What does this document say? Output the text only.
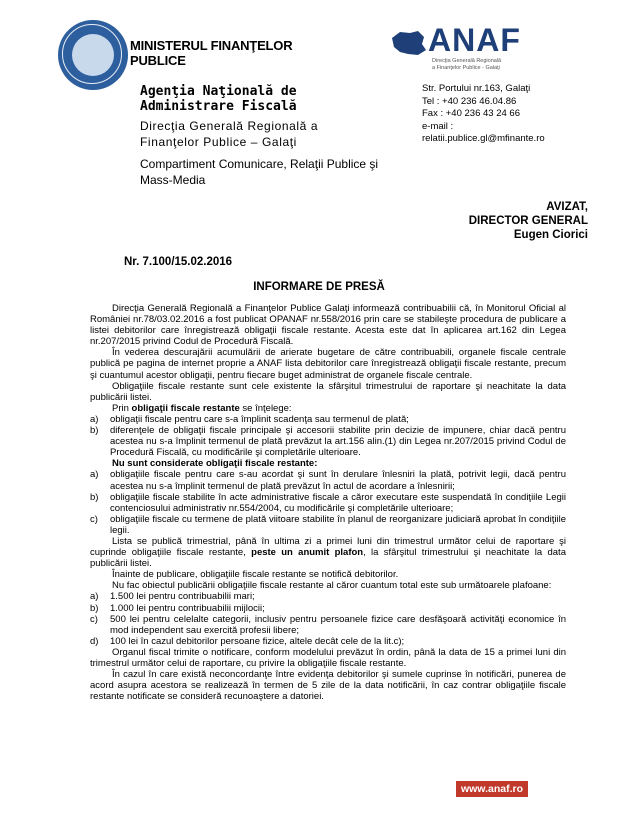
MINISTERUL FINANŢELOR
PUBLICE
Agenţia Naţională de
Administrare Fiscală
Direcţia Generală Regională a
Finanţelor Publice – Galaţi
Compartiment Comunicare, Relaţii Publice şi
Mass-Media
ANAF
Direcţia Generală Regională
a Finanţelor Publice - Galaţi
Str. Portului nr.163, Galaţi
Tel : +40 236 46.04.86
Fax : +40 236 43 24 66
e-mail :
relatii.publice.gl@mfinante.ro
AVIZAT,
DIRECTOR GENERAL
Eugen Ciorici
Nr. 7.100/15.02.2016
INFORMARE DE PRESĂ

Direcţia Generală Regională a Finanţelor Publice Galaţi informează contribuabilii că, în Monitorul Oficial al României nr.78/03.02.2016 a fost publicat OPANAF nr.558/2016 prin care se stabileşte procedura de publicare a listei debitorilor care înregistrează obligaţii fiscale restante. Acesta este dat în aplicarea art.162 din Legea nr.207/2015 privind Codul de Procedură Fiscală.

În vederea descurajării acumulării de arierate bugetare de către contribuabili, organele fiscale centrale publică pe pagina de internet proprie a ANAF lista debitorilor care înregistrează obligaţii fiscale restante, precum şi cuantumul acestor obligaţii, pentru fiecare buget administrat de organele fiscale centrale.

Obligaţiile fiscale restante sunt cele existente la sfârşitul trimestrului de raportare şi neachitate la data publicării listei.

Prin obligaţii fiscale restante se înţelege:

a)	obligaţii fiscale pentru care s-a împlinit scadenţa sau termenul de plată;
b)	diferenţele de obligaţii fiscale principale şi accesorii stabilite prin decizie de impunere, chiar dacă pentru acestea nu s-a împlinit termenul de plată prevăzut la art.156 alin.(1) din Legea nr.207/2015 privind Codul de Procedură Fiscală, cu modificările şi completările ulterioare.

Nu sunt considerate obligaţii fiscale restante:

a)	obligaţiile fiscale pentru care s-au acordat şi sunt în derulare înlesniri la plată, potrivit legii, dacă pentru acestea nu s-a împlinit termenul de plată prevăzut în actul de acordare a înlesnirii;
b)	obligaţiile fiscale stabilite în acte administrative fiscale a căror executare este suspendată în condiţiile Legii contenciosului administrativ nr.554/2004, cu modificările şi completările ulterioare;
c)	obligaţiile fiscale cu termene de plată viitoare stabilite în planul de reorganizare judiciară aprobat în condiţiile legii.

Lista se publică trimestrial, până în ultima zi a primei luni din trimestrul următor celui de raportare şi cuprinde obligaţiile fiscale restante, peste un anumit plafon, la sfârşitul trimestrului şi neachitate la data publicării listei.

Înainte de publicare, obligaţiile fiscale restante se notifică debitorilor.

Nu fac obiectul publicării obligaţiile fiscale restante al căror cuantum total este sub următoarele plafoane:

a)	1.500 lei pentru contribuabilii mari;
b)	1.000 lei pentru contribuabilii mijlocii;
c)	500 lei pentru celelalte categorii, inclusiv pentru persoanele fizice care desfăşoară activităţi economice în mod independent sau exercită profesii libere;
d)	100 lei în cazul debitorilor persoane fizice, altele decât cele de la lit.c);

Organul fiscal trimite o notificare, conform modelului prevăzut în ordin, până la data de 15 a primei luni din trimestrul următor celui de raportare, cu privire la obligaţiile fiscale restante.

În cazul în care există neconcordanţe între evidenţa debitorilor şi sumele cuprinse în notificări, punerea de acord asupra acestora se realizează în termen de 5 zile de la data notificării, în caz contrar obligaţiile fiscale restante notificate se consideră recunoaştere a datoriei.

www.anaf.ro
